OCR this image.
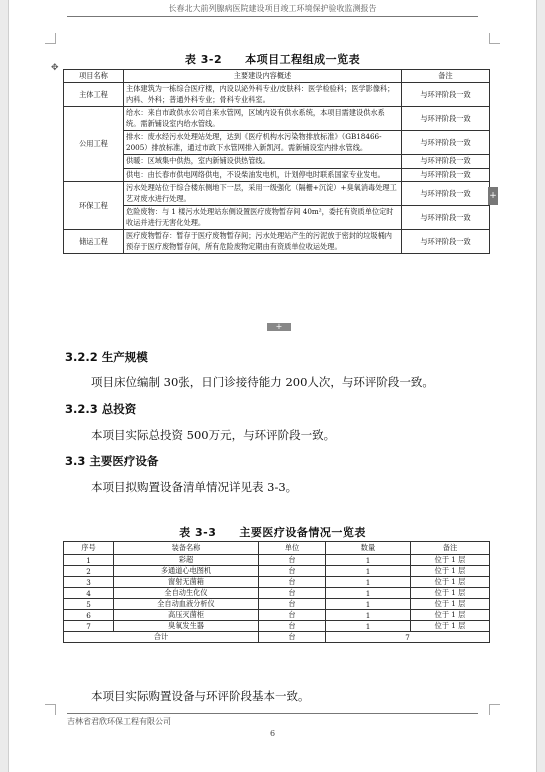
长春北大前列腺病医院建设项目竣工环境保护验收监测报告
表 3-2　　本项目工程组成一览表
✥
项目名称	主要建设内容概述	备注
主体工程	主体建筑为一栋综合医疗楼，内设以泌外科专业/皮肤科：医学检验科；医学影像科；内科、外科；普通外科专业；骨科专业科室。	与环评阶段一致
公用工程	给水：来自市政供水公司自来水管网，区域内设有供水系统，本项目需建设供水系统。需新铺设室内给水管线。	与环评阶段一致
	排水：废水经污水处理站处理，达到《医疗机构水污染物排放标准》（GB18466-2005）排放标准，通过市政下水管网排入新凯河。需新铺设室内排水管线。	与环评阶段一致
	供暖：区域集中供热，室内新铺设供热管线。	与环评阶段一致
	供电：由长春市供电网络供电，不设柴油发电机，计划停电时联系国家专业发电。	与环评阶段一致
环保工程	污水处理站位于综合楼东侧地下一层，采用一级强化（隔栅+沉淀）+臭氧消毒处理工艺对废水进行处理。	与环评阶段一致
	危险废物：与 1 楼污水处理站东侧设置医疗废物暂存间 40m²，委托有资质单位定时收运并进行无害化处理。	与环评阶段一致
储运工程	医疗废物暂存：暂存于医疗废物暂存间；污水处理站产生的污泥放于密封的垃圾桶内预存于医疗废物暂存间，所有危险废物定期由有资质单位收运处理。	与环评阶段一致
+
+
3.2.2 生产规模

项目床位编制 30张，日门诊接待能力 200人次，与环评阶段一致。

3.2.3 总投资

本项目实际总投资 500万元，与环评阶段一致。

3.3 主要医疗设备

本项目拟购置设备清单情况详见表 3-3。

表 3-3　　主要医疗设备情况一览表
序号	装备名称	单位	数量	备注
1	彩超	台	1	位于 1 层
2	多通道心电图机	台	1	位于 1 层
3	窗射无菌箱	台	1	位于 1 层
4	全自动生化仪	台	1	位于 1 层
5	全自动血液分析仪	台	1	位于 1 层
6	高压灭菌柜	台	1	位于 1 层
7	臭氧发生器	台	1	位于 1 层
合计		台	7	

本项目实际购置设备与环评阶段基本一致。

吉林省君欣环保工程有限公司
6
